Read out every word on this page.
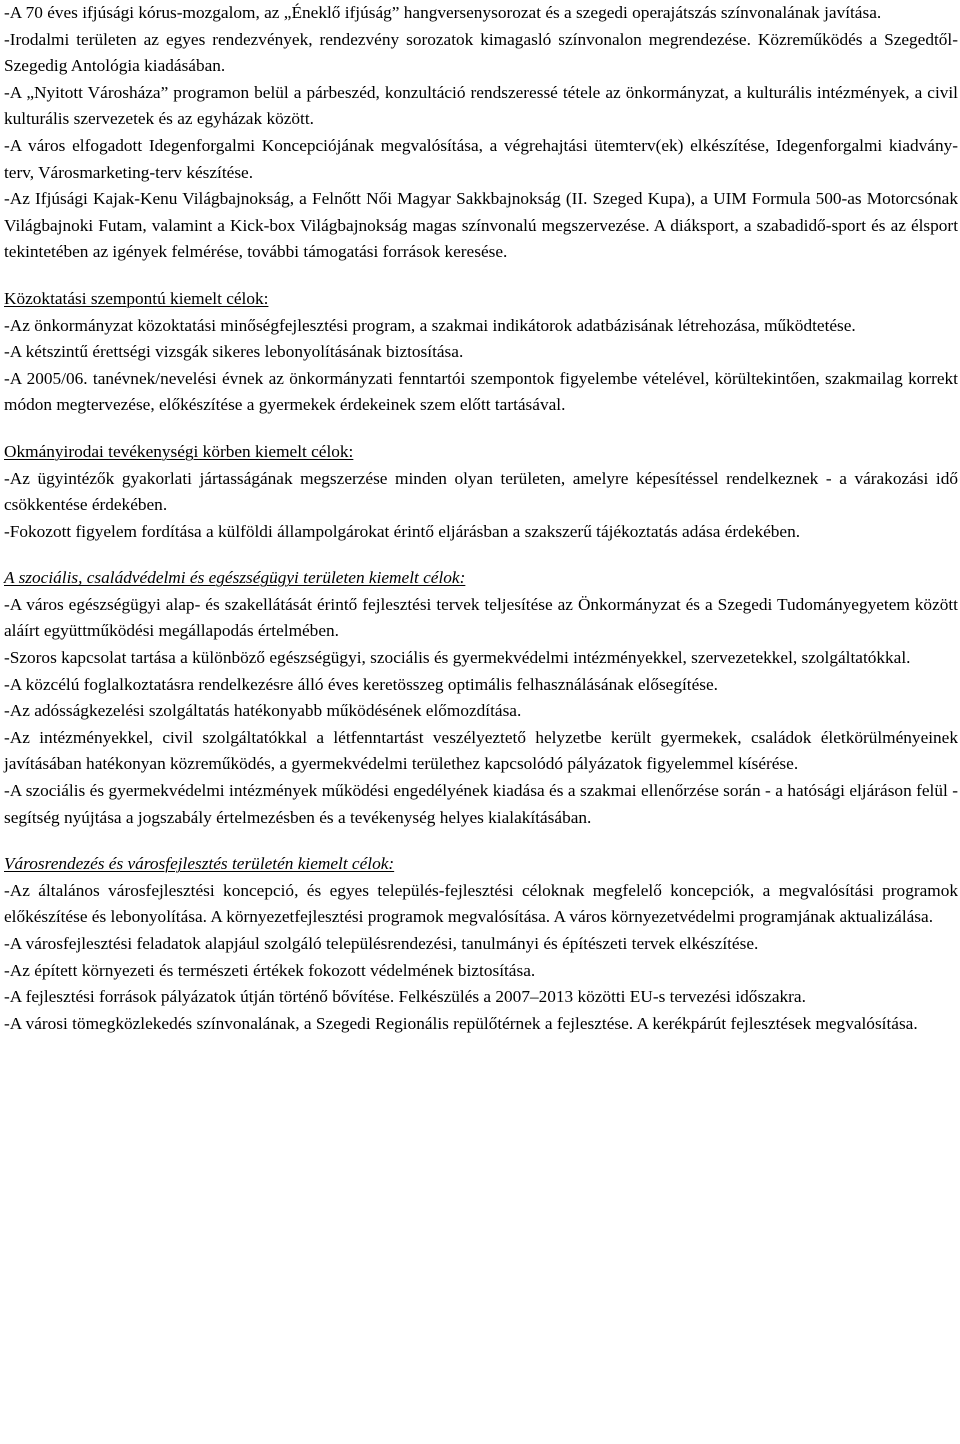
-A 70 éves ifjúsági kórus-mozgalom, az „Éneklő ifjúság” hangversenysorozat és a szegedi operajátszás színvonalának javítása.

-Irodalmi területen az egyes rendezvények, rendezvény sorozatok kimagasló színvonalon megrendezése. Közreműködés a Szegedtől-Szegedig Antológia kiadásában.

-A „Nyitott Városháza” programon belül a párbeszéd, konzultáció rendszeressé tétele az önkormányzat, a kulturális intézmények, a civil kulturális szervezetek és az egyházak között.

-A város elfogadott Idegenforgalmi Koncepciójának megvalósítása, a végrehajtási ütemterv(ek) elkészítése, Idegenforgalmi kiadvány-terv, Városmarketing-terv készítése.

-Az Ifjúsági Kajak-Kenu Világbajnokság, a Felnőtt Női Magyar Sakkbajnokság (II. Szeged Kupa), a UIM Formula 500-as Motorcsónak Világbajnoki Futam, valamint a Kick-box Világbajnokság magas színvonalú megszervezése. A diáksport, a szabadidő-sport és az élsport tekintetében az igények felmérése, további támogatási források keresése.

Közoktatási szempontú kiemelt célok:

-Az önkormányzat közoktatási minőségfejlesztési program, a szakmai indikátorok adatbázisának létrehozása, működtetése.

-A kétszintű érettségi vizsgák sikeres lebonyolításának biztosítása.

-A 2005/06. tanévnek/nevelési évnek az önkormányzati fenntartói szempontok figyelembe vételével, körültekintően, szakmailag korrekt módon megtervezése, előkészítése a gyermekek érdekeinek szem előtt tartásával.

Okmányirodai tevékenységi körben kiemelt célok:

-Az ügyintézők gyakorlati jártasságának megszerzése minden olyan területen, amelyre képesítéssel rendelkeznek - a várakozási idő csökkentése érdekében.

-Fokozott figyelem fordítása a külföldi állampolgárokat érintő eljárásban a szakszerű tájékoztatás adása érdekében.

A szociális, családvédelmi és egészségügyi területen kiemelt célok:

-A város egészségügyi alap- és szakellátását érintő fejlesztési tervek teljesítése az Önkormányzat és a Szegedi Tudományegyetem között aláírt együttműködési megállapodás értelmében.

-Szoros kapcsolat tartása a különböző egészségügyi, szociális és gyermekvédelmi intézményekkel, szervezetekkel, szolgáltatókkal.

-A közcélú foglalkoztatásra rendelkezésre álló éves keretösszeg optimális felhasználásának elősegítése.

-Az adósságkezelési szolgáltatás hatékonyabb működésének előmozdítása.

-Az intézményekkel, civil szolgáltatókkal a létfenntartást veszélyeztető helyzetbe került gyermekek, családok életkörülményeinek javításában hatékonyan közreműködés, a gyermekvédelmi területhez kapcsolódó pályázatok figyelemmel kísérése.

-A szociális és gyermekvédelmi intézmények működési engedélyének kiadása és a szakmai ellenőrzése során - a hatósági eljáráson felül - segítség nyújtása a jogszabály értelmezésben és a tevékenység helyes kialakításában.

Városrendezés és városfejlesztés területén kiemelt célok:

-Az általános városfejlesztési koncepció, és egyes település-fejlesztési céloknak megfelelő koncepciók, a megvalósítási programok előkészítése és lebonyolítása. A környezetfejlesztési programok megvalósítása. A város környezetvédelmi programjának aktualizálása.

-A városfejlesztési feladatok alapjául szolgáló településrendezési, tanulmányi és építészeti tervek elkészítése.

-Az épített környezeti és természeti értékek fokozott védelmének biztosítása.

-A fejlesztési források pályázatok útján történő bővítése. Felkészülés a 2007–2013 közötti EU-s tervezési időszakra.

-A városi tömegközlekedés színvonalának, a Szegedi Regionális repülőtérnek a fejlesztése. A kerékpárút fejlesztések megvalósítása.
